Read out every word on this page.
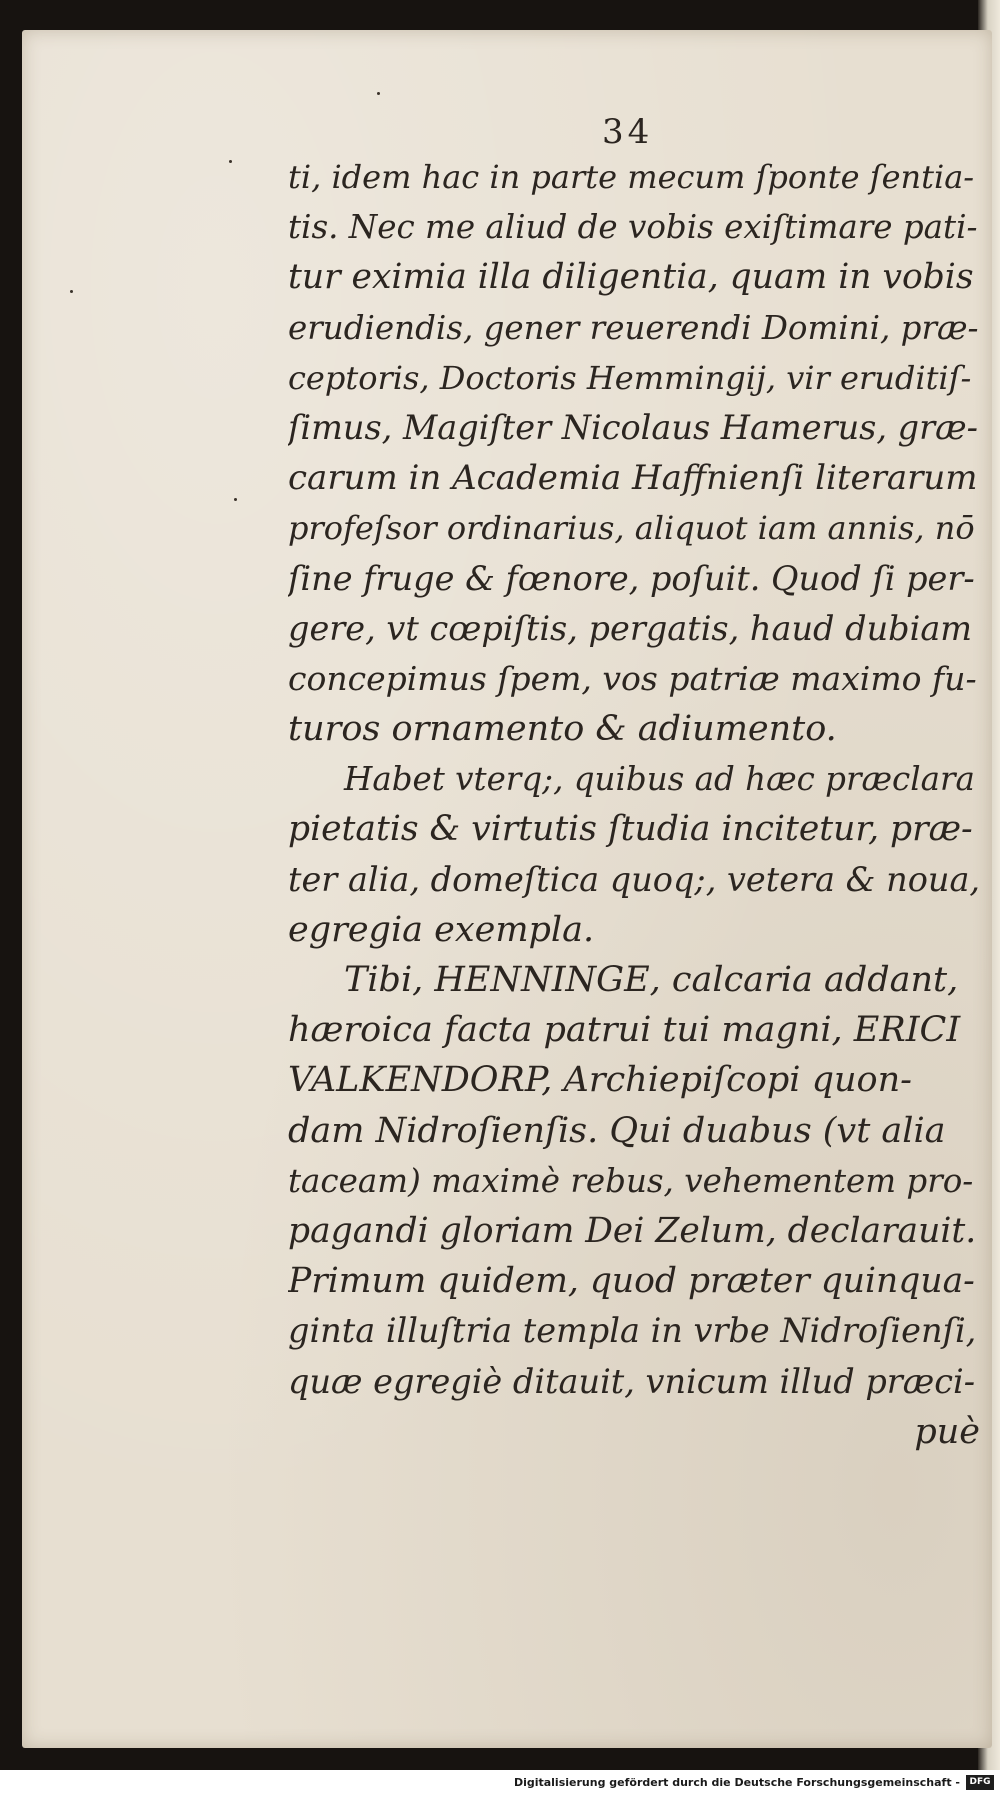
34
ti, idem hac in parte mecum ſponte ſentia-
tis. Nec me aliud de vobis exiſtimare pati-
tur eximia illa diligentia, quam in vobis
erudiendis, gener reuerendi Domini, præ-
ceptoris, Doctoris Hemmingij, vir eruditiſ-
ſimus, Magiſter Nicolaus Hamerus, græ-
carum in Academia Haffnienſi literarum
profeſsor ordinarius, aliquot iam annis, nō
ſine fruge & fœnore, poſuit. Quod ſi per-
gere, vt cœpiſtis, pergatis, haud dubiam
concepimus ſpem, vos patriæ maximo fu-
turos ornamento & adiumento.
Habet vterq;, quibus ad hæc præclara
pietatis & virtutis ſtudia incitetur, præ-
ter alia, domeſtica quoq;, vetera & noua,
egregia exempla.
Tibi, HENNINGE, calcaria addant,
hæroica facta patrui tui magni, ERICI
VALKENDORP, Archiepiſcopi quon-
dam Nidroſienſis. Qui duabus (vt alia
taceam) maximè rebus, vehementem pro-
pagandi gloriam Dei Zelum, declarauit.
Primum quidem, quod præter quinqua-
ginta illuſtria templa in vrbe Nidroſienſi,
quæ egregiè ditauit, vnicum illud præci-
puè
Digitalisierung gefördert durch die Deutsche Forschungsgemeinschaft -	DFG
